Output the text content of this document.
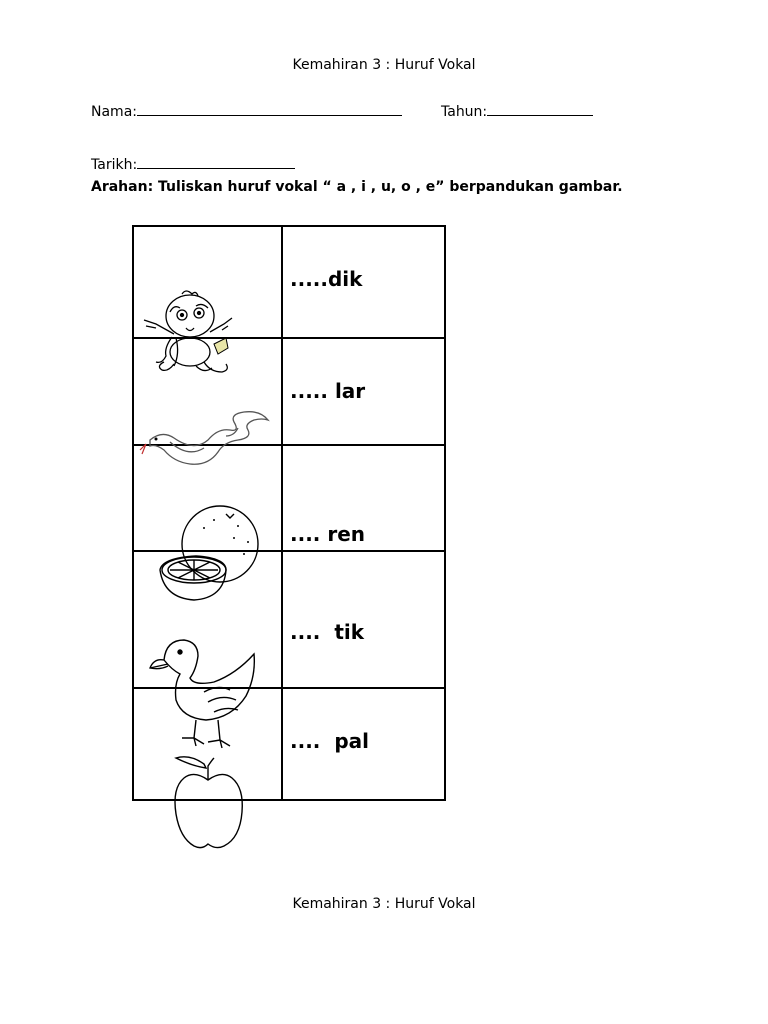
Kemahiran 3 : Huruf Vokal
Nama:	Tahun:
Tarikh:
Arahan: Tuliskan huruf vokal “ a , i , u, o , e” berpandukan gambar.

.....dik

..... lar

.... ren

....  tik

....  pal
Kemahiran 3 : Huruf Vokal
